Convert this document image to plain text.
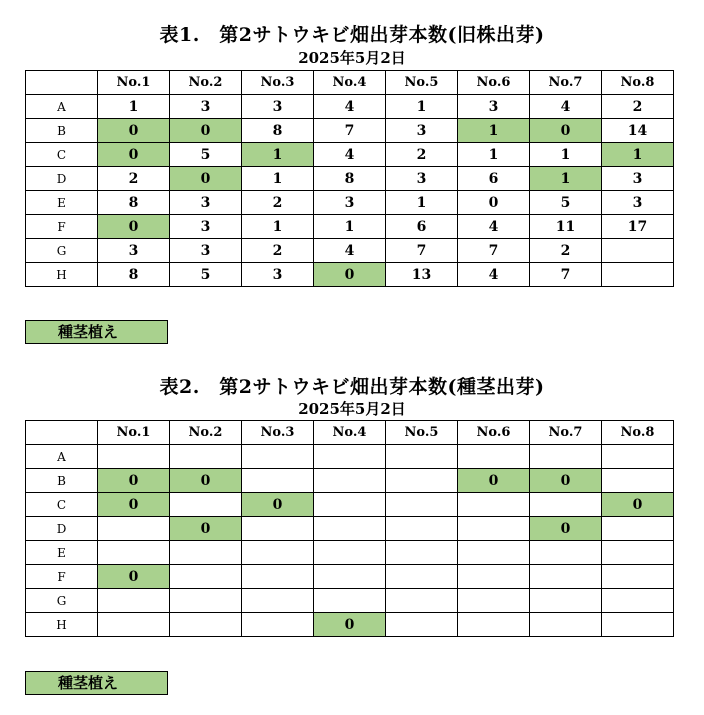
表1.　第2サトウキビ畑出芽本数(旧株出芽)
2025年5月2日
	No.1	No.2	No.3	No.4	No.5	No.6	No.7	No.8
A	1	3	3	4	1	3	4	2
B	0	0	8	7	3	1	0	14
C	0	5	1	4	2	1	1	1
D	2	0	1	8	3	6	1	3
E	8	3	2	3	1	0	5	3
F	0	3	1	1	6	4	11	17
G	3	3	2	4	7	7	2	
H	8	5	3	0	13	4	7	
種茎植え
表2.　第2サトウキビ畑出芽本数(種茎出芽)
2025年5月2日
	No.1	No.2	No.3	No.4	No.5	No.6	No.7	No.8
A								
B	0	0				0	0	
C	0		0					0
D		0					0	
E								
F	0							
G								
H				0				
種茎植え
